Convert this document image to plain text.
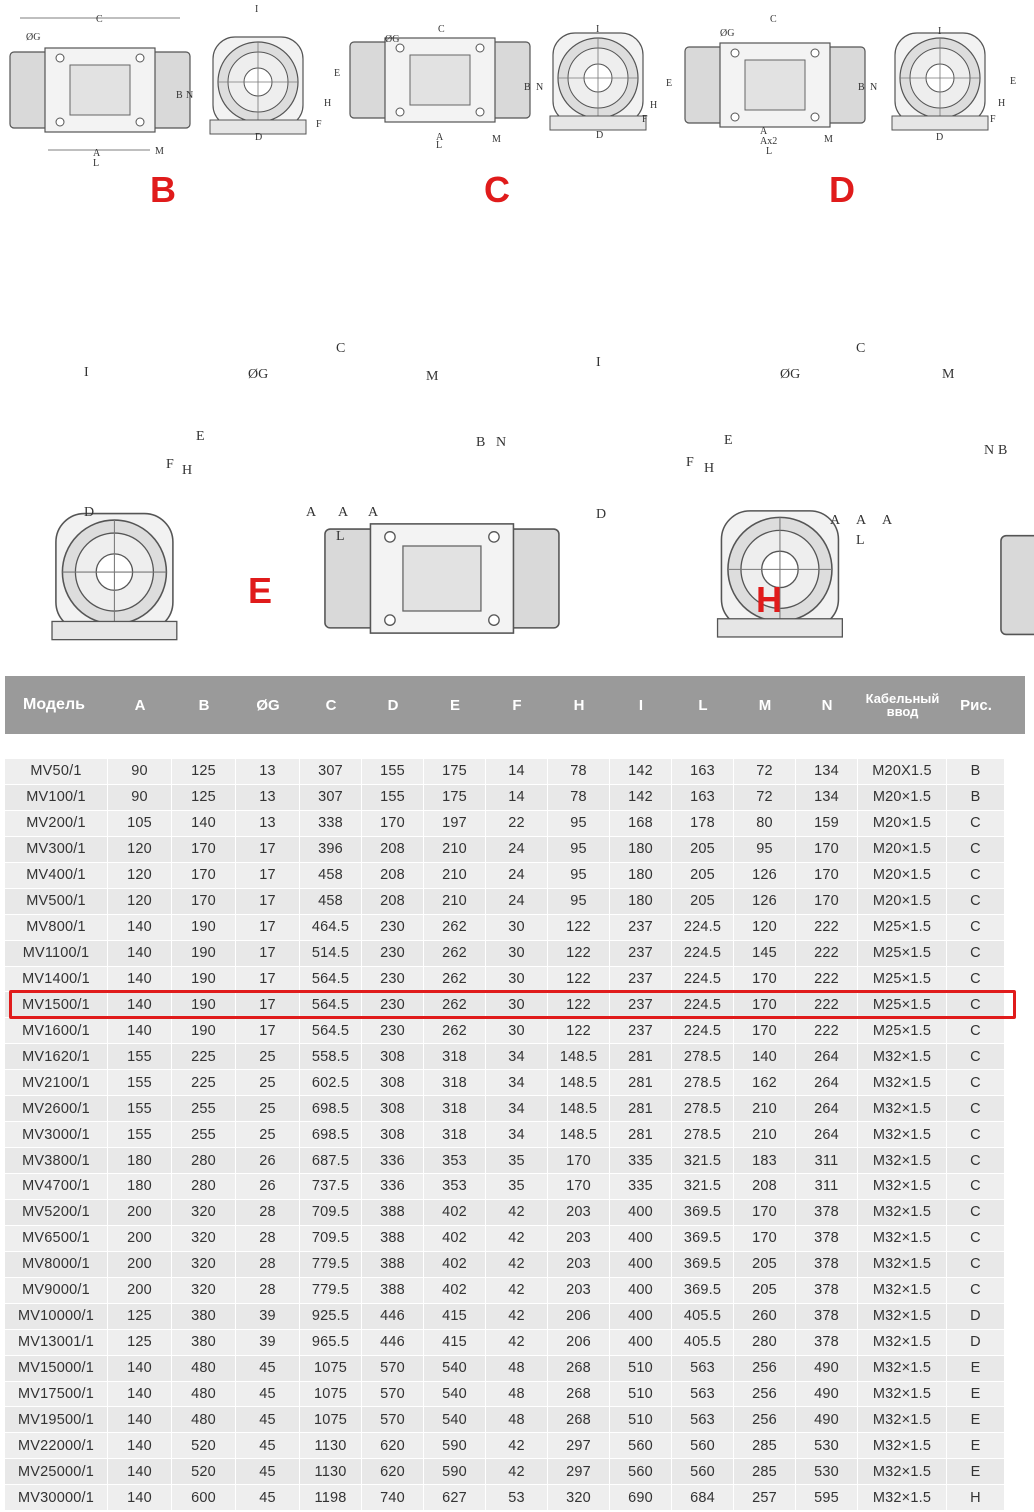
C
ØG
B N
A
L
M
I
E
H
F
D
C
ØG
B N
A
L
M
I
E
H
F
D
C
ØG
B N
A
Ax2
L
M
I
E
H
F
D
I
E
H
F
D
C
ØG	M
B N
A A A
L
I
E
H
F
D
C
ØG	M
N B
A A A
L
B	C	D
E	H
Модель	A	B	ØG	C	D	E	F	H	I	L	M	N	Кабельный ввод	Рис.
MV50/1	90	125	13	307	155	175	14	78	142	163	72	134	M20X1.5	B
MV100/1	90	125	13	307	155	175	14	78	142	163	72	134	M20×1.5	B
MV200/1	105	140	13	338	170	197	22	95	168	178	80	159	M20×1.5	C
MV300/1	120	170	17	396	208	210	24	95	180	205	95	170	M20×1.5	C
MV400/1	120	170	17	458	208	210	24	95	180	205	126	170	M20×1.5	C
MV500/1	120	170	17	458	208	210	24	95	180	205	126	170	M20×1.5	C
MV800/1	140	190	17	464.5	230	262	30	122	237	224.5	120	222	M25×1.5	C
MV1100/1	140	190	17	514.5	230	262	30	122	237	224.5	145	222	M25×1.5	C
MV1400/1	140	190	17	564.5	230	262	30	122	237	224.5	170	222	M25×1.5	C
MV1500/1	140	190	17	564.5	230	262	30	122	237	224.5	170	222	M25×1.5	C
MV1600/1	140	190	17	564.5	230	262	30	122	237	224.5	170	222	M25×1.5	C
MV1620/1	155	225	25	558.5	308	318	34	148.5	281	278.5	140	264	M32×1.5	C
MV2100/1	155	225	25	602.5	308	318	34	148.5	281	278.5	162	264	M32×1.5	C
MV2600/1	155	255	25	698.5	308	318	34	148.5	281	278.5	210	264	M32×1.5	C
MV3000/1	155	255	25	698.5	308	318	34	148.5	281	278.5	210	264	M32×1.5	C
MV3800/1	180	280	26	687.5	336	353	35	170	335	321.5	183	311	M32×1.5	C
MV4700/1	180	280	26	737.5	336	353	35	170	335	321.5	208	311	M32×1.5	C
MV5200/1	200	320	28	709.5	388	402	42	203	400	369.5	170	378	M32×1.5	C
MV6500/1	200	320	28	709.5	388	402	42	203	400	369.5	170	378	M32×1.5	C
MV8000/1	200	320	28	779.5	388	402	42	203	400	369.5	205	378	M32×1.5	C
MV9000/1	200	320	28	779.5	388	402	42	203	400	369.5	205	378	M32×1.5	C
MV10000/1	125	380	39	925.5	446	415	42	206	400	405.5	260	378	M32×1.5	D
MV13001/1	125	380	39	965.5	446	415	42	206	400	405.5	280	378	M32×1.5	D
MV15000/1	140	480	45	1075	570	540	48	268	510	563	256	490	M32×1.5	E
MV17500/1	140	480	45	1075	570	540	48	268	510	563	256	490	M32×1.5	E
MV19500/1	140	480	45	1075	570	540	48	268	510	563	256	490	M32×1.5	E
MV22000/1	140	520	45	1130	620	590	42	297	560	560	285	530	M32×1.5	E
MV25000/1	140	520	45	1130	620	590	42	297	560	560	285	530	M32×1.5	E
MV30000/1	140	600	45	1198	740	627	53	320	690	684	257	595	M32×1.5	H
